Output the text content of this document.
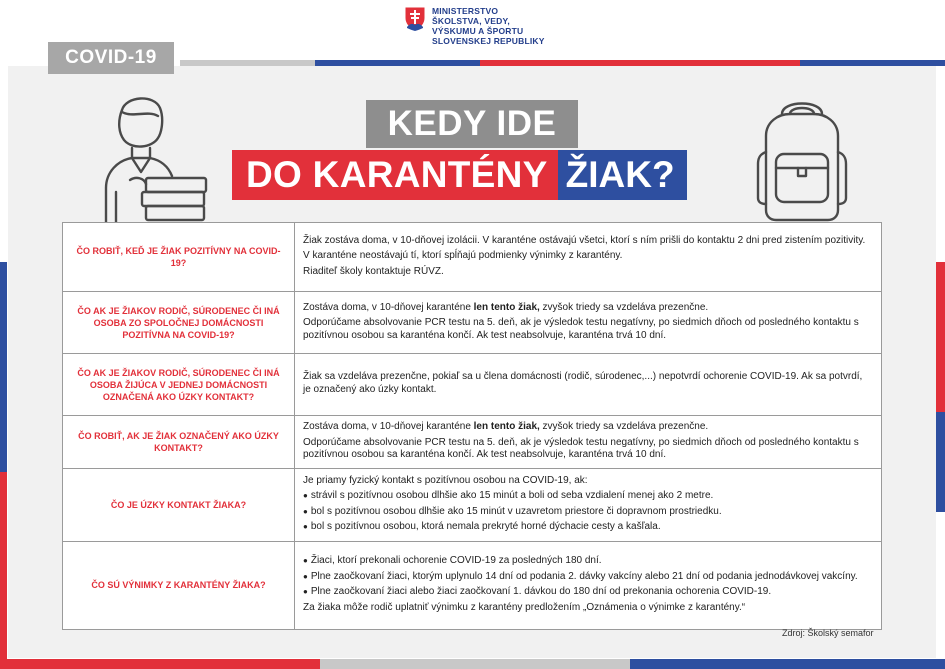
COVID-19
MINISTERSTVO
ŠKOLSTVA, VEDY,
VÝSKUMU A ŠPORTU
SLOVENSKEJ REPUBLIKY
KEDY IDE
DO KARANTÉNY ŽIAK?
ČO ROBIŤ, KEĎ JE ŽIAK POZITÍVNY NA COVID-19?	Žiak zostáva doma, v 10-dňovej izolácii. V karanténe ostávajú všetci, ktorí s ním prišli do kontaktu 2 dni pred zistením pozitivity.

V karanténe neostávajú tí, ktorí spĺňajú podmienky výnimky z karantény.

Riaditeľ školy kontaktuje RÚVZ.

ČO AK JE ŽIAKOV RODIČ, SÚRODENEC ČI INÁ OSOBA ZO SPOLOČNEJ DOMÁCNOSTI POZITÍVNA NA COVID-19?	Zostáva doma, v 10-dňovej karanténe len tento žiak, zvyšok triedy sa vzdeláva prezenčne.

Odporúčame absolvovanie PCR testu na 5. deň, ak je výsledok testu negatívny, po siedmich dňoch od posledného kontaktu s pozitívnou osobou sa karanténa končí. Ak test neabsolvuje, karanténa trvá 10 dní.

ČO AK JE ŽIAKOV RODIČ, SÚRODENEC ČI INÁ OSOBA ŽIJÚCA V JEDNEJ DOMÁCNOSTI OZNAČENÁ AKO ÚZKY KONTAKT?	Žiak sa vzdeláva prezenčne, pokiaľ sa u člena domácnosti (rodič, súrodenec,...) nepotvrdí ochorenie COVID-19. Ak sa potvrdí, je označený ako úzky kontakt.

ČO ROBIŤ, AK JE ŽIAK OZNAČENÝ AKO ÚZKY KONTAKT?	Zostáva doma, v 10-dňovej karanténe len tento žiak, zvyšok triedy sa vzdeláva prezenčne.

Odporúčame absolvovanie PCR testu na 5. deň, ak je výsledok testu negatívny, po siedmich dňoch od posledného kontaktu s pozitívnou osobou sa karanténa končí. Ak test neabsolvuje, karanténa trvá 10 dní.

ČO JE ÚZKY KONTAKT ŽIAKA?	Je priamy fyzický kontakt s pozitívnou osobou na COVID-19, ak:

● strávil s pozitívnou osobou dlhšie ako 15 minút a boli od seba vzdialení menej ako 2 metre.

● bol s pozitívnou osobou dlhšie ako 15 minút v uzavretom priestore či dopravnom prostriedku.

● bol s pozitívnou osobou, ktorá nemala prekryté horné dýchacie cesty a kašľala.

ČO SÚ VÝNIMKY Z KARANTÉNY ŽIAKA?	● Žiaci, ktorí prekonali ochorenie COVID-19 za posledných 180 dní.

● Plne zaočkovaní žiaci, ktorým uplynulo 14 dní od podania 2. dávky vakcíny alebo 21 dní od podania jednodávkovej vakcíny.

● Plne zaočkovaní žiaci alebo žiaci zaočkovaní 1. dávkou do 180 dní od prekonania ochorenia COVID-19.

Za žiaka môže rodič uplatniť výnimku z karantény predložením „Oznámenia o výnimke z karantény.“

Zdroj: Školský semafor
